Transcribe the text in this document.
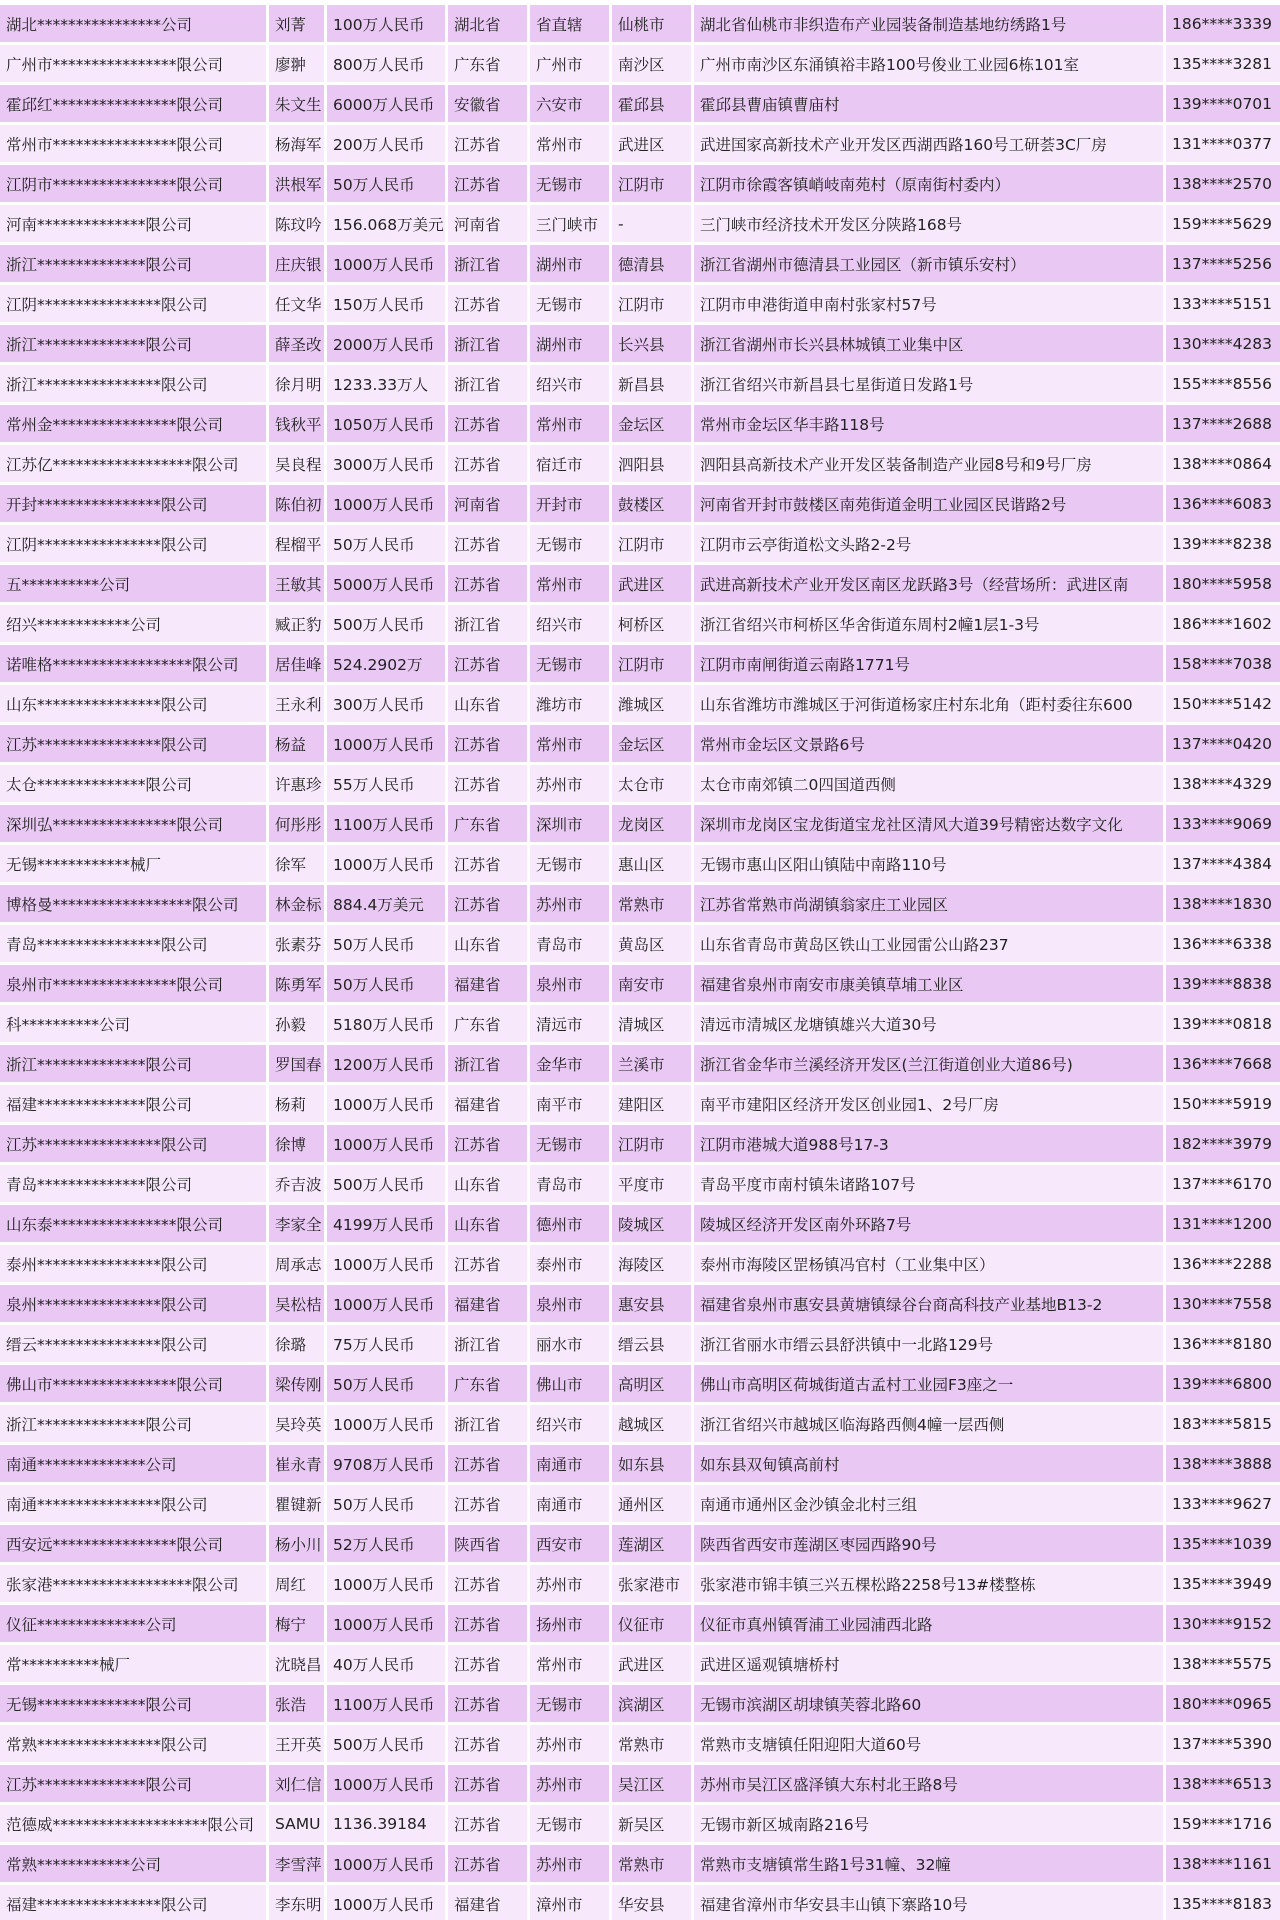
湖北****************公司	刘菁	100万人民币	湖北省	省直辖	仙桃市	湖北省仙桃市非织造布产业园装备制造基地纺绣路1号	186****3339
广州市****************限公司	廖翀	800万人民币	广东省	广州市	南沙区	广州市南沙区东涌镇裕丰路100号俊业工业园6栋101室	135****3281
霍邱红****************限公司	朱文生	6000万人民币	安徽省	六安市	霍邱县	霍邱县曹庙镇曹庙村	139****0701
常州市****************限公司	杨海军	200万人民币	江苏省	常州市	武进区	武进国家高新技术产业开发区西湖西路160号工研荟3C厂房	131****0377
江阴市****************限公司	洪根军	50万人民币	江苏省	无锡市	江阴市	江阴市徐霞客镇峭岐南苑村（原南街村委内）	138****2570
河南**************限公司	陈玟吟	156.068万美元	河南省	三门峡市	-	三门峡市经济技术开发区分陕路168号	159****5629
浙江**************限公司	庄庆银	1000万人民币	浙江省	湖州市	德清县	浙江省湖州市德清县工业园区（新市镇乐安村）	137****5256
江阴****************限公司	任文华	150万人民币	江苏省	无锡市	江阴市	江阴市申港街道申南村张家村57号	133****5151
浙江**************限公司	薛圣改	2000万人民币	浙江省	湖州市	长兴县	浙江省湖州市长兴县林城镇工业集中区	130****4283
浙江****************限公司	徐月明	1233.33万人	浙江省	绍兴市	新昌县	浙江省绍兴市新昌县七星街道日发路1号	155****8556
常州金****************限公司	钱秋平	1050万人民币	江苏省	常州市	金坛区	常州市金坛区华丰路118号	137****2688
江苏亿******************限公司	吴良程	3000万人民币	江苏省	宿迁市	泗阳县	泗阳县高新技术产业开发区装备制造产业园8号和9号厂房	138****0864
开封****************限公司	陈伯初	1000万人民币	河南省	开封市	鼓楼区	河南省开封市鼓楼区南苑街道金明工业园区民谐路2号	136****6083
江阴****************限公司	程榴平	50万人民币	江苏省	无锡市	江阴市	江阴市云亭街道松文头路2-2号	139****8238
五**********公司	王敏其	5000万人民币	江苏省	常州市	武进区	武进高新技术产业开发区南区龙跃路3号（经营场所：武进区南	180****5958
绍兴************公司	臧正豹	500万人民币	浙江省	绍兴市	柯桥区	浙江省绍兴市柯桥区华舍街道东周村2幢1层1-3号	186****1602
诺唯格******************限公司	居佳峰	524.2902万	江苏省	无锡市	江阴市	江阴市南闸街道云南路1771号	158****7038
山东****************限公司	王永利	300万人民币	山东省	潍坊市	潍城区	山东省潍坊市潍城区于河街道杨家庄村东北角（距村委往东600	150****5142
江苏****************限公司	杨益	1000万人民币	江苏省	常州市	金坛区	常州市金坛区文景路6号	137****0420
太仓**************限公司	许惠珍	55万人民币	江苏省	苏州市	太仓市	太仓市南郊镇二0四国道西侧	138****4329
深圳弘****************限公司	何彤彤	1100万人民币	广东省	深圳市	龙岗区	深圳市龙岗区宝龙街道宝龙社区清风大道39号精密达数字文化	133****9069
无锡************械厂	徐军	1000万人民币	江苏省	无锡市	惠山区	无锡市惠山区阳山镇陆中南路110号	137****4384
博格曼******************限公司	林金标	884.4万美元	江苏省	苏州市	常熟市	江苏省常熟市尚湖镇翁家庄工业园区	138****1830
青岛****************限公司	张素芬	50万人民币	山东省	青岛市	黄岛区	山东省青岛市黄岛区铁山工业园雷公山路237	136****6338
泉州市****************限公司	陈勇军	50万人民币	福建省	泉州市	南安市	福建省泉州市南安市康美镇草埔工业区	139****8838
科**********公司	孙毅	5180万人民币	广东省	清远市	清城区	清远市清城区龙塘镇雄兴大道30号	139****0818
浙江**************限公司	罗国春	1200万人民币	浙江省	金华市	兰溪市	浙江省金华市兰溪经济开发区(兰江街道创业大道86号)	136****7668
福建**************限公司	杨莉	1000万人民币	福建省	南平市	建阳区	南平市建阳区经济开发区创业园1、2号厂房	150****5919
江苏****************限公司	徐博	1000万人民币	江苏省	无锡市	江阴市	江阴市港城大道988号17-3	182****3979
青岛**************限公司	乔吉波	500万人民币	山东省	青岛市	平度市	青岛平度市南村镇朱诸路107号	137****6170
山东泰****************限公司	李家全	4199万人民币	山东省	德州市	陵城区	陵城区经济开发区南外环路7号	131****1200
泰州****************限公司	周承志	1000万人民币	江苏省	泰州市	海陵区	泰州市海陵区罡杨镇冯官村（工业集中区）	136****2288
泉州****************限公司	吴松桔	1000万人民币	福建省	泉州市	惠安县	福建省泉州市惠安县黄塘镇绿谷台商高科技产业基地B13-2	130****7558
缙云****************限公司	徐璐	75万人民币	浙江省	丽水市	缙云县	浙江省丽水市缙云县舒洪镇中一北路129号	136****8180
佛山市****************限公司	梁传刚	50万人民币	广东省	佛山市	高明区	佛山市高明区荷城街道古孟村工业园F3座之一	139****6800
浙江**************限公司	吴玲英	1000万人民币	浙江省	绍兴市	越城区	浙江省绍兴市越城区临海路西侧4幢一层西侧	183****5815
南通**************公司	崔永青	9708万人民币	江苏省	南通市	如东县	如东县双甸镇高前村	138****3888
南通****************限公司	瞿键新	50万人民币	江苏省	南通市	通州区	南通市通州区金沙镇金北村三组	133****9627
西安远****************限公司	杨小川	52万人民币	陕西省	西安市	莲湖区	陕西省西安市莲湖区枣园西路90号	135****1039
张家港******************限公司	周红	1000万人民币	江苏省	苏州市	张家港市	张家港市锦丰镇三兴五棵松路2258号13#楼整栋	135****3949
仪征**************公司	梅宁	1000万人民币	江苏省	扬州市	仪征市	仪征市真州镇胥浦工业园浦西北路	130****9152
常**********械厂	沈晓昌	40万人民币	江苏省	常州市	武进区	武进区遥观镇塘桥村	138****5575
无锡**************限公司	张浩	1100万人民币	江苏省	无锡市	滨湖区	无锡市滨湖区胡埭镇芙蓉北路60	180****0965
常熟****************限公司	王开英	500万人民币	江苏省	苏州市	常熟市	常熟市支塘镇任阳迎阳大道60号	137****5390
江苏**************限公司	刘仁信	1000万人民币	江苏省	苏州市	吴江区	苏州市吴江区盛泽镇大东村北王路8号	138****6513
范德威********************限公司	SAMU	1136.39184	江苏省	无锡市	新吴区	无锡市新区城南路216号	159****1716
常熟************公司	李雪萍	1000万人民币	江苏省	苏州市	常熟市	常熟市支塘镇常生路1号31幢、32幢	138****1161
福建****************限公司	李东明	1000万人民币	福建省	漳州市	华安县	福建省漳州市华安县丰山镇下寨路10号	135****8183
